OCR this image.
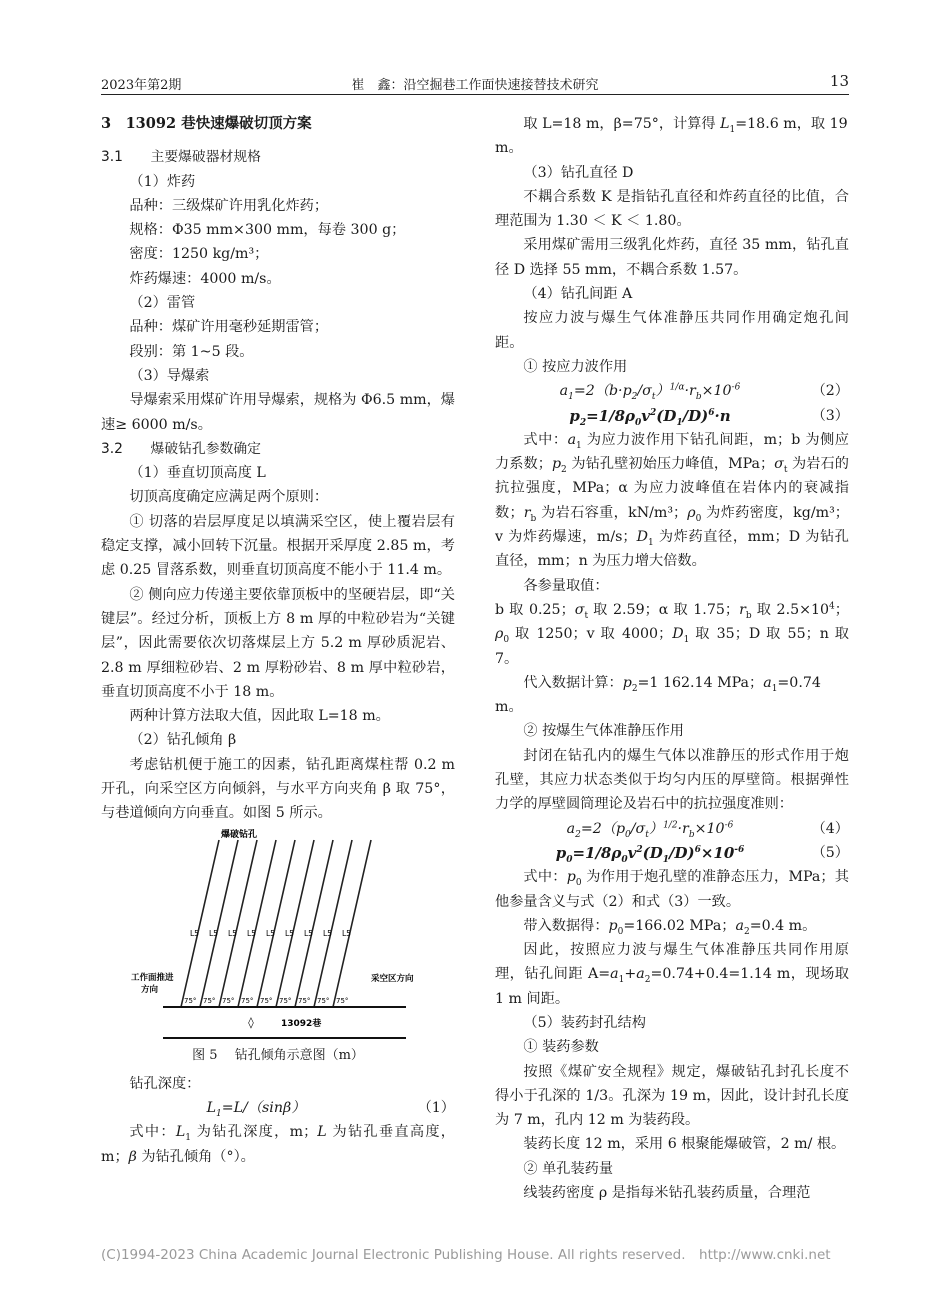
2023年第2期	崔　鑫：沿空掘巷工作面快速接替技术研究	13

3　13092 巷快速爆破切顶方案

3.1　　主要爆破器材规格

（1）炸药

品种：三级煤矿许用乳化炸药；

规格：Φ35 mm×300 mm，每卷 300 g；

密度：1250 kg/m³；

炸药爆速：4000 m/s。

（2）雷管

品种：煤矿许用毫秒延期雷管；

段别：第 1~5 段。

（3）导爆索

导爆索采用煤矿许用导爆索，规格为 Φ6.5 mm，爆速≥ 6000 m/s。

3.2　　爆破钻孔参数确定

（1）垂直切顶高度 L

切顶高度确定应满足两个原则：

① 切落的岩层厚度足以填满采空区，使上覆岩层有稳定支撑，减小回转下沉量。根据开采厚度 2.85 m，考虑 0.25 冒落系数，则垂直切顶高度不能小于 11.4 m。

② 侧向应力传递主要依靠顶板中的坚硬岩层，即“关键层”。经过分析，顶板上方 8 m 厚的中粒砂岩为“关键层”，因此需要依次切落煤层上方 5.2 m 厚砂质泥岩、2.8 m 厚细粒砂岩、2 m 厚粉砂岩、8 m 厚中粒砂岩，垂直切顶高度不小于 18 m。

两种计算方法取大值，因此取 L=18 m。

（2）钻孔倾角 β

考虑钻机便于施工的因素，钻孔距离煤柱帮 0.2 m 开孔，向采空区方向倾斜，与水平方向夹角 β 取 75°，与巷道倾向方向垂直。如图 5 所示。

爆破钻孔
L5
75°
L5
75°
L5
75°
L5
75°
L5
75°
L5
75°
L5
75°
L5
75°
L5
75°
工作面推进
方向
采空区方向
◊	13092巷

图 5　 钻孔倾角示意图（m）

钻孔深度：

$L_1=L/(\sin\beta)$	（1）

式中：$L_1$ 为钻孔深度，m；L 为钻孔垂直高度，m；β 为钻孔倾角（°）。

取 L=18 m，β=75°，计算得 $L_1=18.6$ m，取 19 m。

（3）钻孔直径 D

不耦合系数 K 是指钻孔直径和炸药直径的比值，合理范围为 1.30 ＜ K ＜ 1.80。

采用煤矿需用三级乳化炸药，直径 35 mm，钻孔直径 D 选择 55 mm，不耦合系数 1.57。

（4）钻孔间距 A

按应力波与爆生气体准静压共同作用确定炮孔间距。

① 按应力波作用

$a_1=2(b\cdot p_2/\sigma_t)^{1/\alpha}\cdot r_b\times 10^{-6}$	（2）

$p_2=1/8\rho_0v^2(D_1/D)^6\cdot n$	（3）

式中：$a_1$ 为应力波作用下钻孔间距，m；b 为侧应力系数；$p_2$ 为钻孔壁初始压力峰值，MPa；$\sigma_t$ 为岩石的抗拉强度，MPa；α 为应力波峰值在岩体内的衰减指数；$r_b$ 为岩石容重，kN/m³；$\rho_0$ 为炸药密度，kg/m³；v 为炸药爆速，m/s；$D_1$ 为炸药直径，mm；D 为钻孔直径，mm；n 为压力增大倍数。

各参量取值：

b 取 0.25；$\sigma_t$ 取 2.59；α 取 1.75；$r_b$ 取 $2.5\times 10^4$；$\rho_0$ 取 1250；v 取 4000；$D_1$ 取 35；D 取 55；n 取 7。

代入数据计算：$p_2=1$ 162.14 MPa；$a_1=0.74$ m。

② 按爆生气体准静压作用

封闭在钻孔内的爆生气体以准静压的形式作用于炮孔壁，其应力状态类似于均匀内压的厚壁筒。根据弹性力学的厚壁圆筒理论及岩石中的抗拉强度准则：

$a_2=2(p_0/\sigma_t)^{1/2}\cdot r_b\times 10^{-6}$	（4）

$p_0=1/8\rho_0v^2(D_1/D)^6\times 10^{-6}$	（5）

式中：$p_0$ 为作用于炮孔壁的准静态压力，MPa；其他参量含义与式（2）和式（3）一致。

带入数据得：$p_0=166.02$ MPa；$a_2=0.4$ m。

因此，按照应力波与爆生气体准静压共同作用原理，钻孔间距 $A=a_1+a_2=0.74+0.4=1.14$ m，现场取 1 m 间距。

（5）装药封孔结构

① 装药参数

按照《煤矿安全规程》规定，爆破钻孔封孔长度不得小于孔深的 1/3。孔深为 19 m，因此，设计封孔长度为 7 m，孔内 12 m 为装药段。

装药长度 12 m，采用 6 根聚能爆破管，2 m/ 根。

② 单孔装药量

线装药密度 ρ 是指每米钻孔装药质量，合理范

(C)1994-2023 China Academic Journal Electronic Publishing House. All rights reserved.　http://www.cnki.net
